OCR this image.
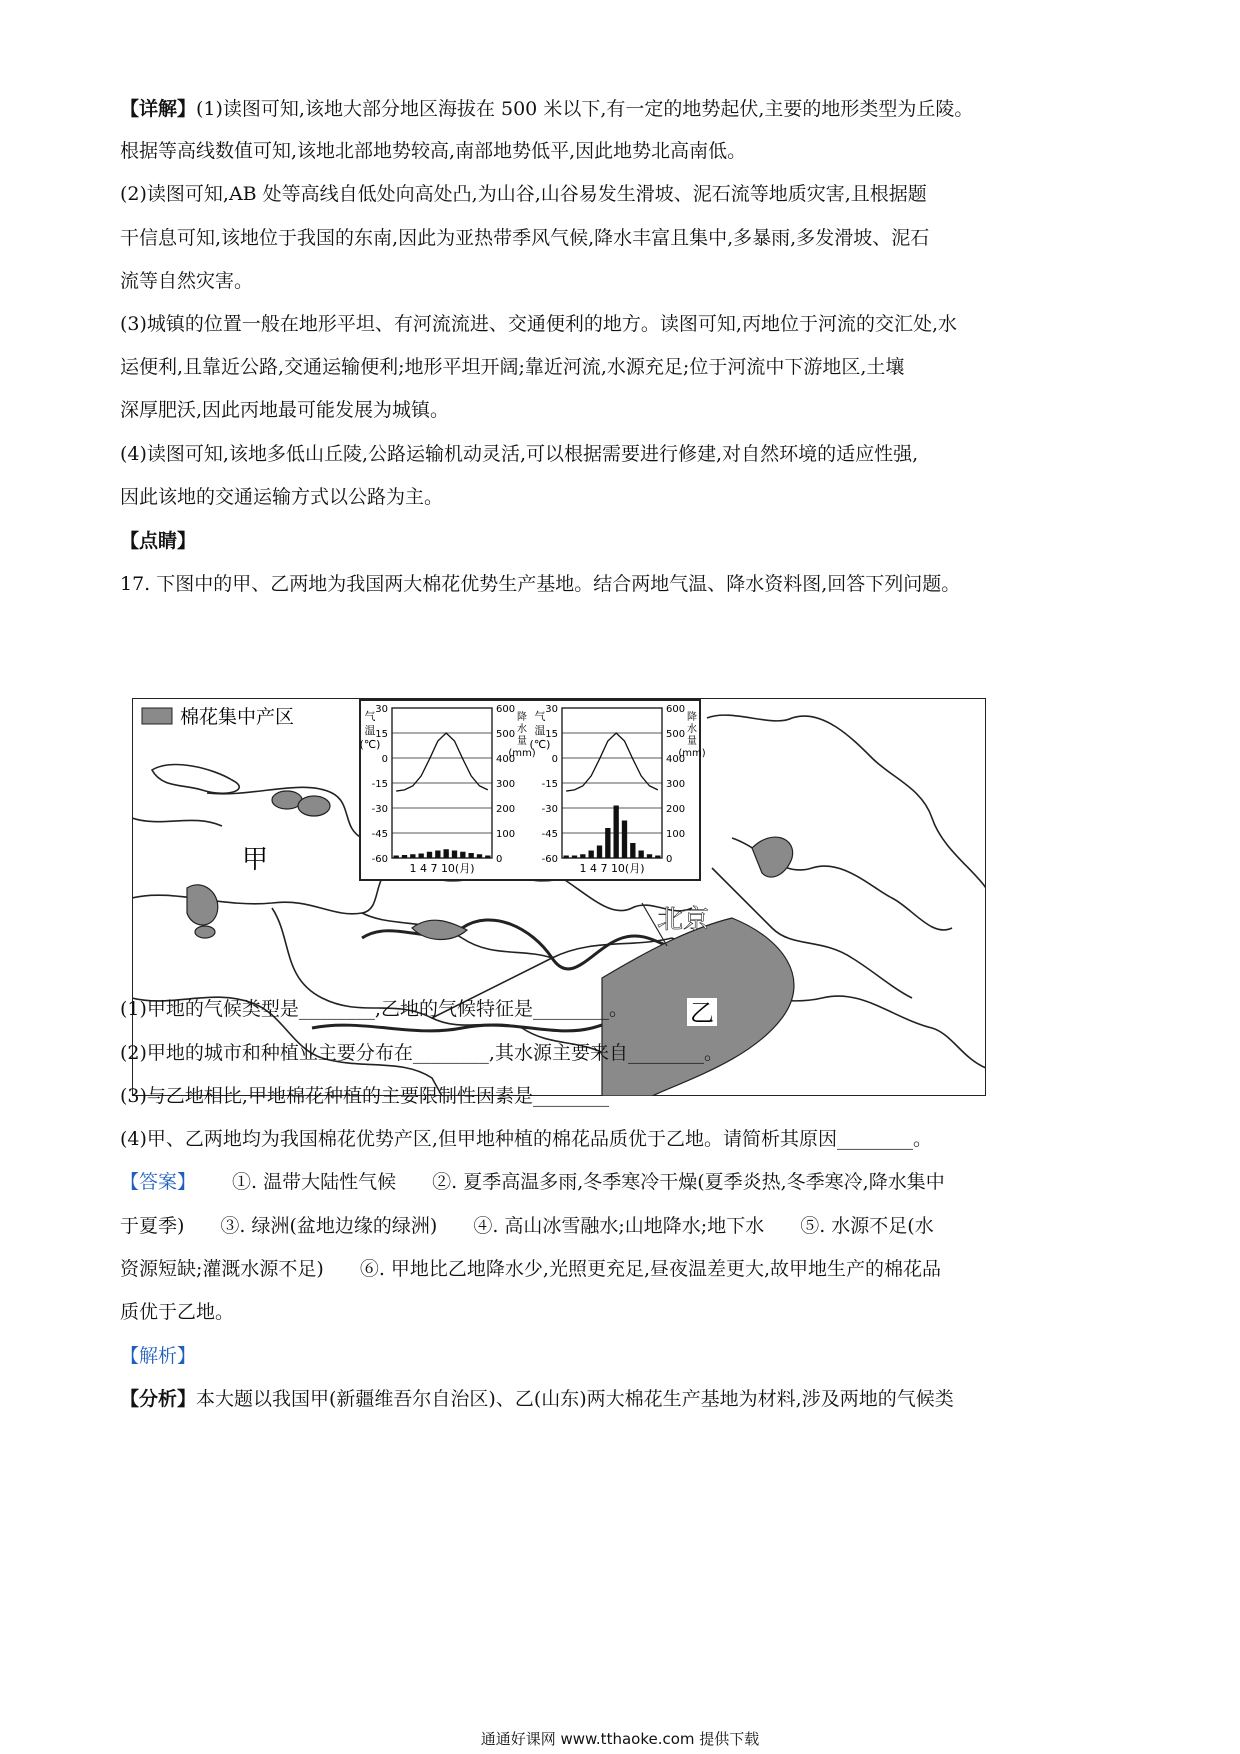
【详解】(1)读图可知,该地大部分地区海拔在 500 米以下,有一定的地势起伏,主要的地形类型为丘陵。
根据等高线数值可知,该地北部地势较高,南部地势低平,因此地势北高南低。
(2)读图可知,AB 处等高线自低处向高处凸,为山谷,山谷易发生滑坡、泥石流等地质灾害,且根据题
干信息可知,该地位于我国的东南,因此为亚热带季风气候,降水丰富且集中,多暴雨,多发滑坡、泥石
流等自然灾害。
(3)城镇的位置一般在地形平坦、有河流流进、交通便利的地方。读图可知,丙地位于河流的交汇处,水
运便利,且靠近公路,交通运输便利;地形平坦开阔;靠近河流,水源充足;位于河流中下游地区,土壤
深厚肥沃,因此丙地最可能发展为城镇。
(4)读图可知,该地多低山丘陵,公路运输机动灵活,可以根据需要进行修建,对自然环境的适应性强,
因此该地的交通运输方式以公路为主。
【点睛】
17. 下图中的甲、乙两地为我国两大棉花优势生产基地。结合两地气温、降水资料图,回答下列问题。
棉花集中产区
甲
北京
乙
30
15
0
-15
-30
-45
-60
600
500
400
300
200
100
0
气
温
(℃)
降
水
量
(mm)
1 4 7 10(月)
30
15
0
-15
-30
-45
-60
600
500
400
300
200
100
0
气
温
(℃)
降
水
量
(mm)
1 4 7 10(月)
(1)甲地的气候类型是________,乙地的气候特征是________。
(2)甲地的城市和种植业主要分布在________,其水源主要来自________。
(3)与乙地相比,甲地棉花种植的主要限制性因素是________
(4)甲、乙两地均为我国棉花优势产区,但甲地种植的棉花品质优于乙地。请简析其原因________。
【答案】 ①. 温带大陆性气候 ②. 夏季高温多雨,冬季寒冷干燥(夏季炎热,冬季寒冷,降水集中
于夏季) ③. 绿洲(盆地边缘的绿洲) ④. 高山冰雪融水;山地降水;地下水 ⑤. 水源不足(水
资源短缺;灌溉水源不足) ⑥. 甲地比乙地降水少,光照更充足,昼夜温差更大,故甲地生产的棉花品
质优于乙地。
【解析】
【分析】本大题以我国甲(新疆维吾尔自治区)、乙(山东)两大棉花生产基地为材料,涉及两地的气候类
通通好课网 www.tthaoke.com 提供下载
